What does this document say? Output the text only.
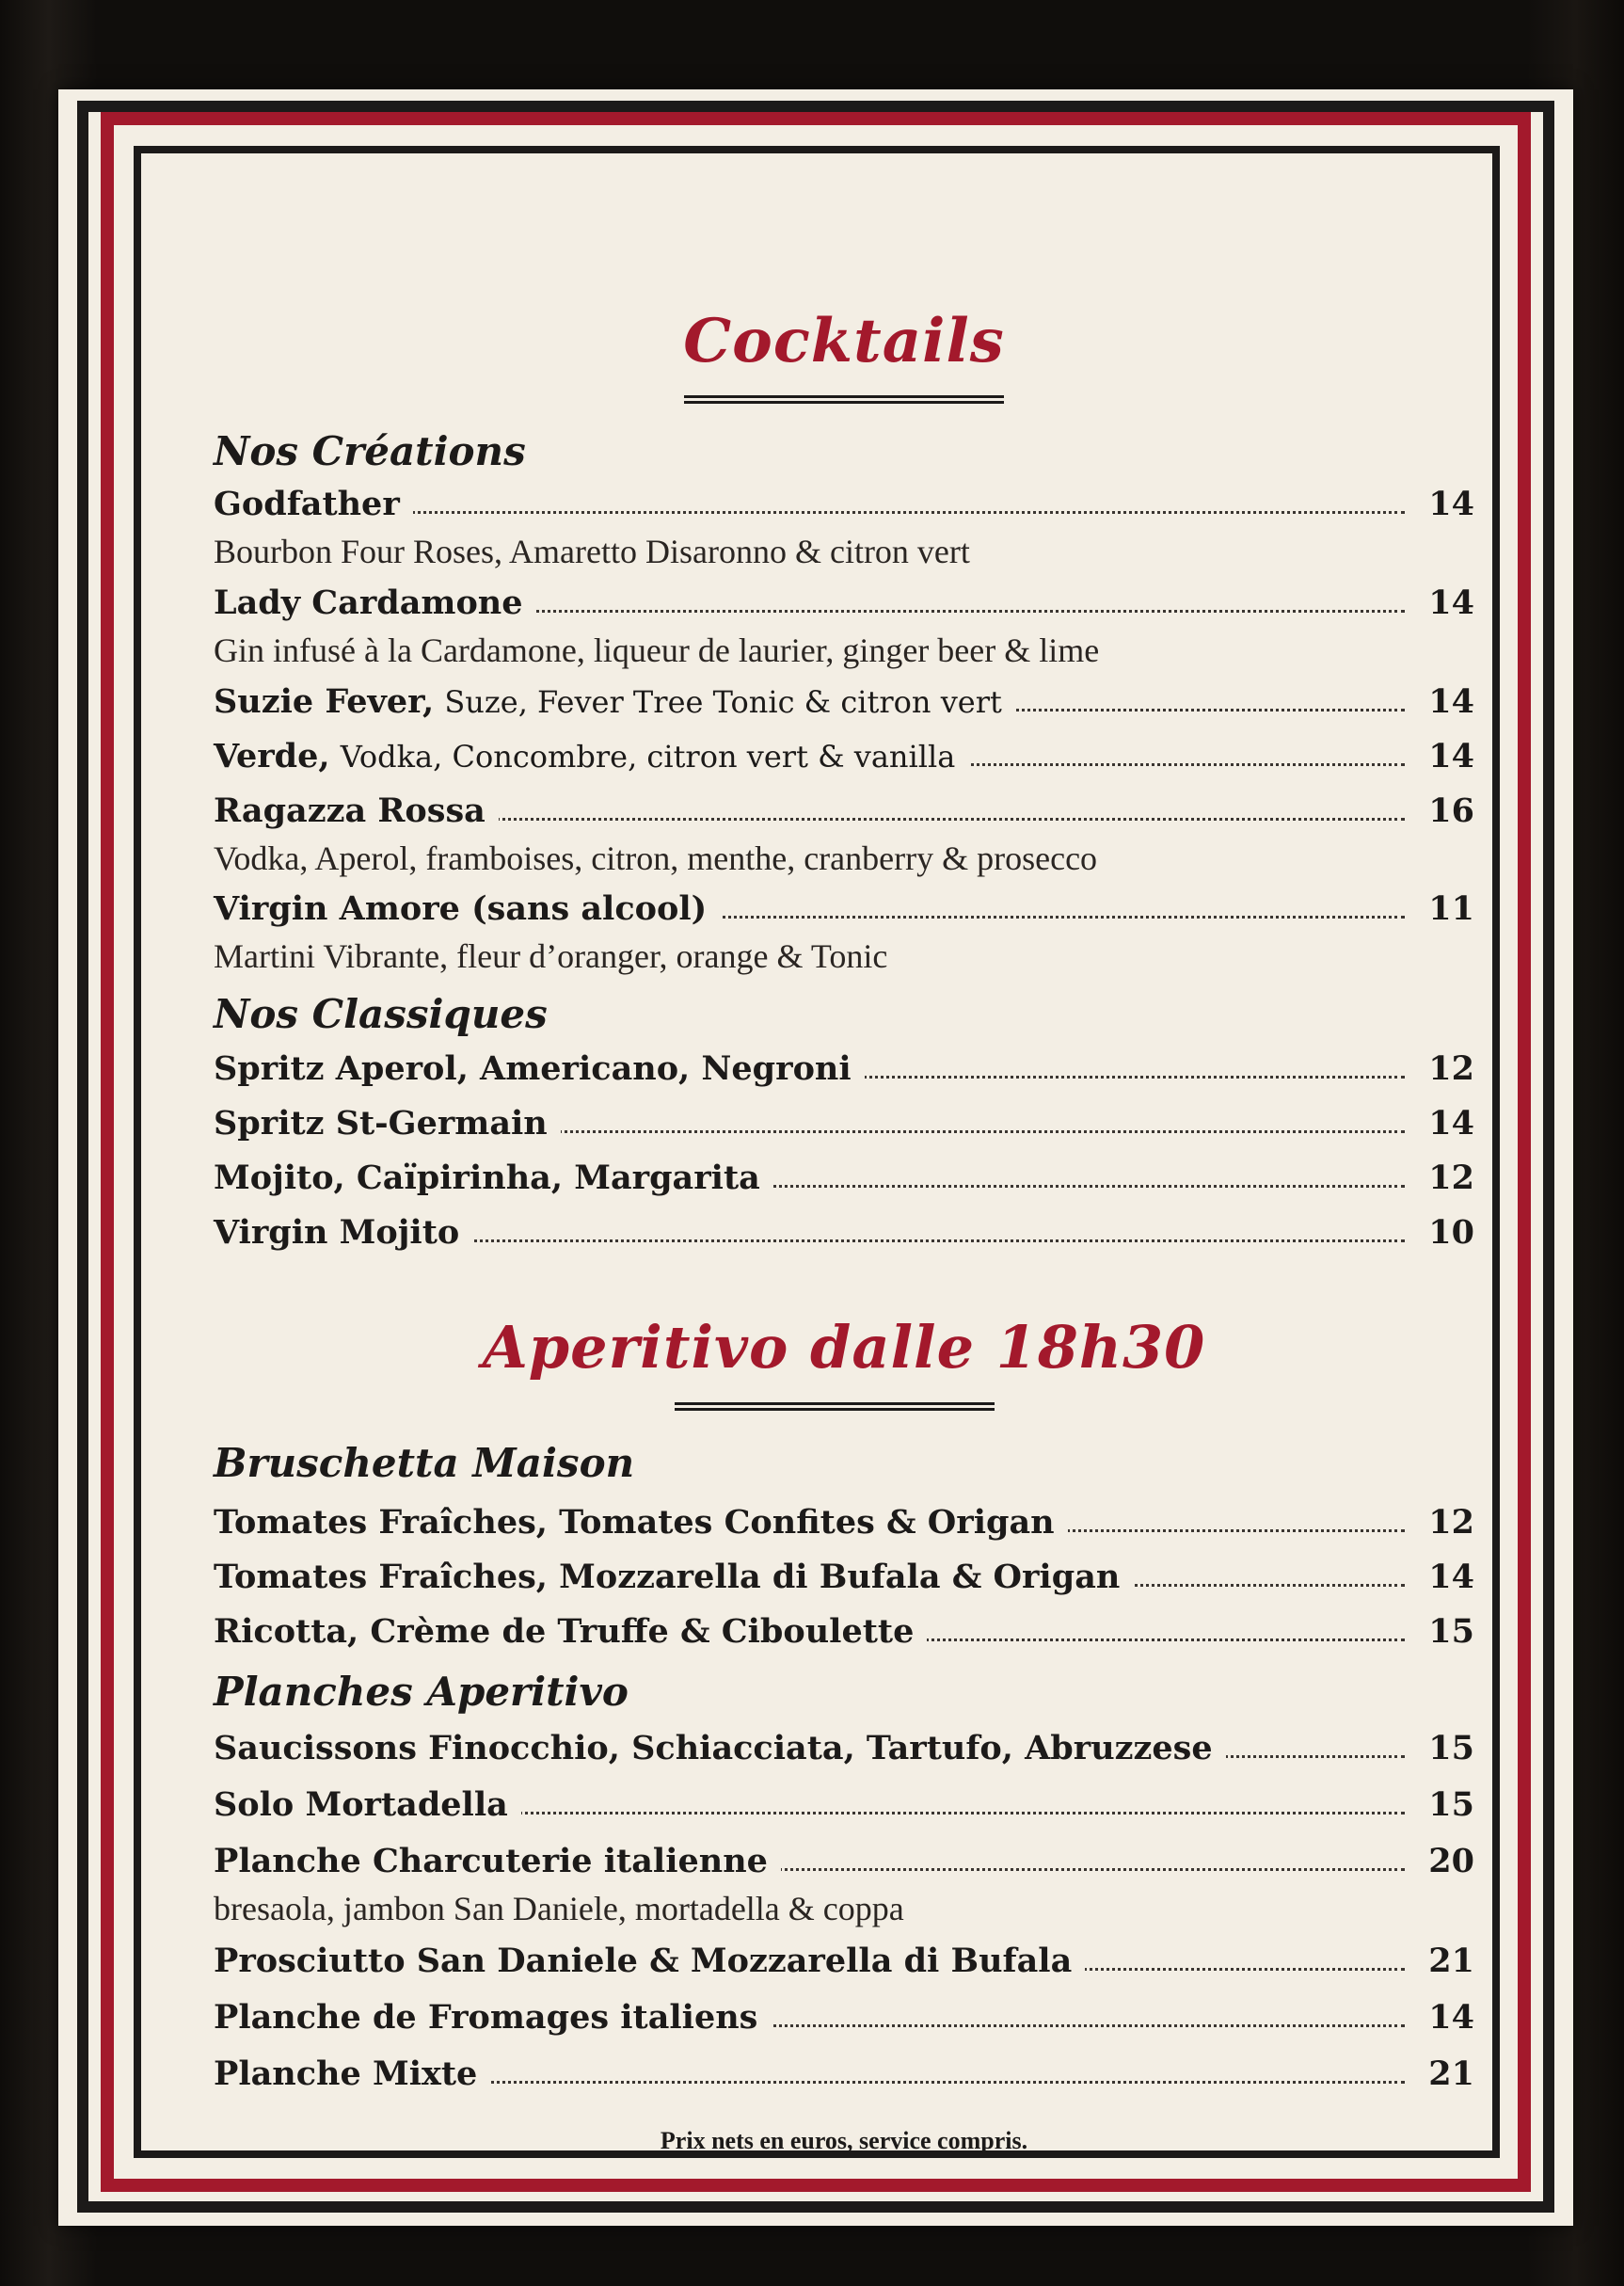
Cocktails
Nos Créations
Godfather	14
Bourbon Four Roses, Amaretto Disaronno & citron vert
Lady Cardamone	14
Gin infusé à la Cardamone, liqueur de laurier, ginger beer & lime
Suzie Fever, Suze, Fever Tree Tonic & citron vert	14
Verde, Vodka, Concombre, citron vert & vanilla	14
Ragazza Rossa	16
Vodka, Aperol, framboises, citron, menthe, cranberry & prosecco
Virgin Amore (sans alcool)	11
Martini Vibrante, fleur d’oranger, orange & Tonic
Nos Classiques
Spritz Aperol, Americano, Negroni	12
Spritz St-Germain	14
Mojito, Caïpirinha, Margarita	12
Virgin Mojito	10
Aperitivo dalle 18h30
Bruschetta Maison
Tomates Fraîches, Tomates Confites & Origan	12
Tomates Fraîches, Mozzarella di Bufala & Origan	14
Ricotta, Crème de Truffe & Ciboulette	15
Planches Aperitivo
Saucissons Finocchio, Schiacciata, Tartufo, Abruzzese	15
Solo Mortadella	15
Planche Charcuterie italienne	20
bresaola, jambon San Daniele, mortadella & coppa
Prosciutto San Daniele & Mozzarella di Bufala	21
Planche de Fromages italiens	14
Planche Mixte	21
Prix nets en euros, service compris.
